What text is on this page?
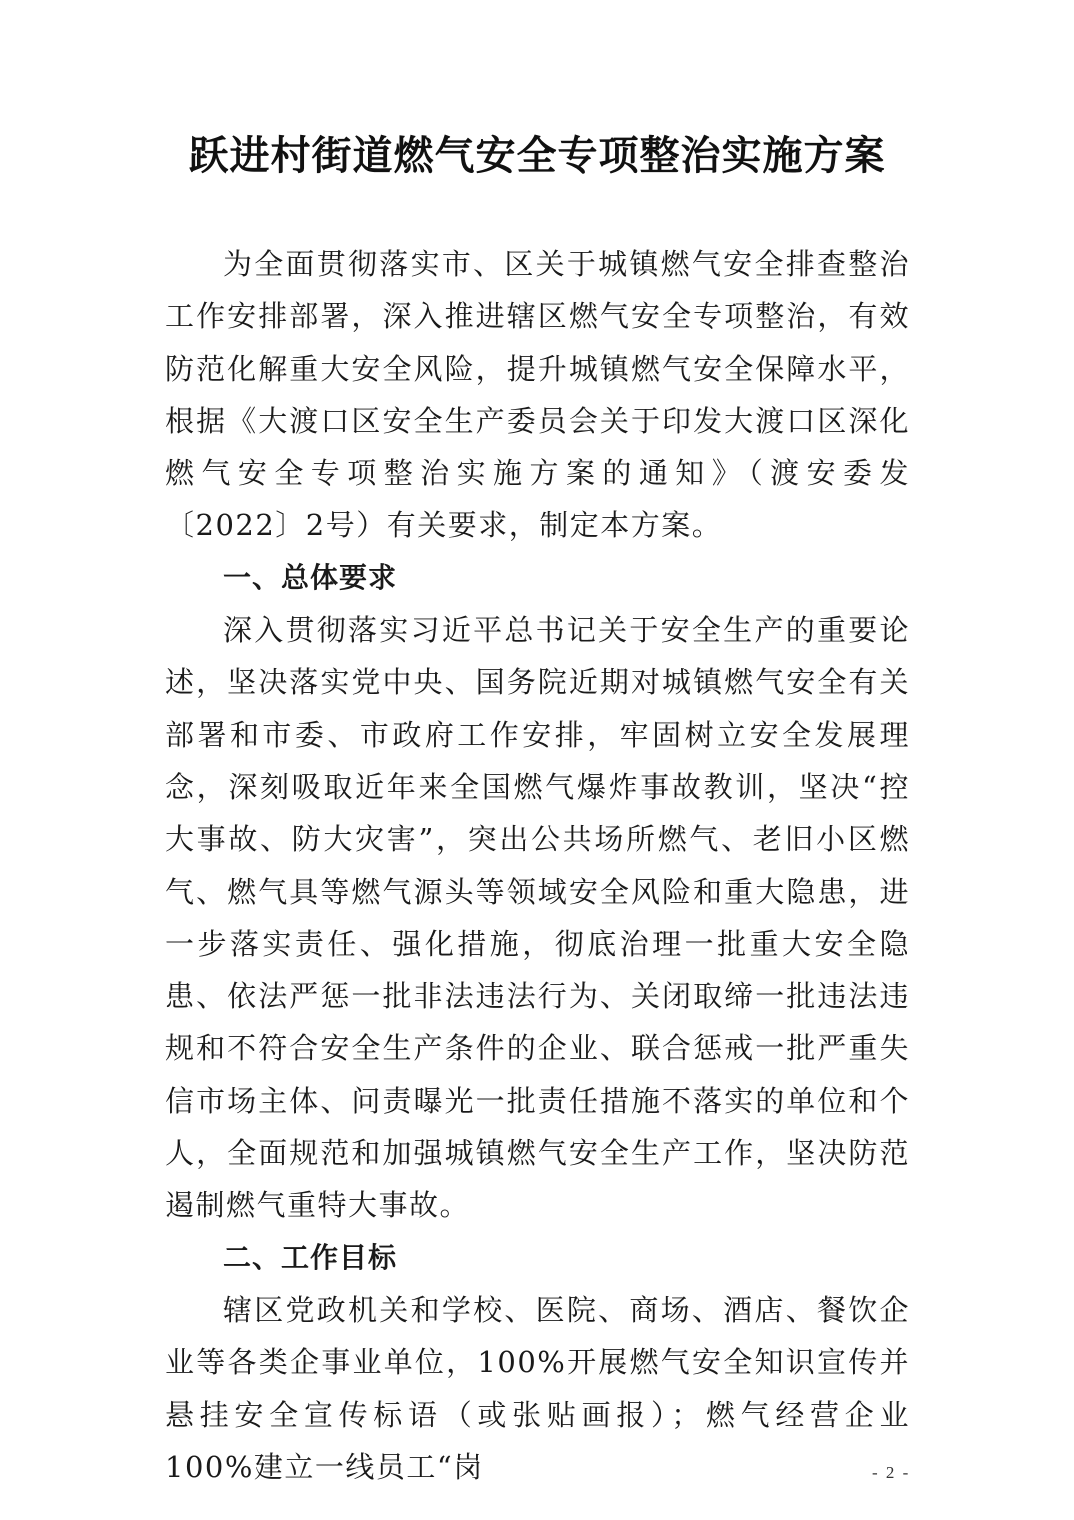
跃进村街道燃气安全专项整治实施方案

为全面贯彻落实市、区关于城镇燃气安全排查整治工作安排部署，深入推进辖区燃气安全专项整治，有效防范化解重大安全风险，提升城镇燃气安全保障水平，根据《大渡口区安全生产委员会关于印发大渡口区深化燃气安全专项整治实施方案的通知》（渡安委发〔2022〕2号）有关要求，制定本方案。

一、总体要求

深入贯彻落实习近平总书记关于安全生产的重要论述，坚决落实党中央、国务院近期对城镇燃气安全有关部署和市委、市政府工作安排，牢固树立安全发展理念，深刻吸取近年来全国燃气爆炸事故教训，坚决“控大事故、防大灾害”，突出公共场所燃气、老旧小区燃气、燃气具等燃气源头等领域安全风险和重大隐患，进一步落实责任、强化措施，彻底治理一批重大安全隐患、依法严惩一批非法违法行为、关闭取缔一批违法违规和不符合安全生产条件的企业、联合惩戒一批严重失信市场主体、问责曝光一批责任措施不落实的单位和个人，全面规范和加强城镇燃气安全生产工作，坚决防范遏制燃气重特大事故。

二、工作目标

辖区党政机关和学校、医院、商场、酒店、餐饮企业等各类企事业单位，100%开展燃气安全知识宣传并悬挂安全宣传标语（或张贴画报）；燃气经营企业 100%建立一线员工“岗	- 2 -
